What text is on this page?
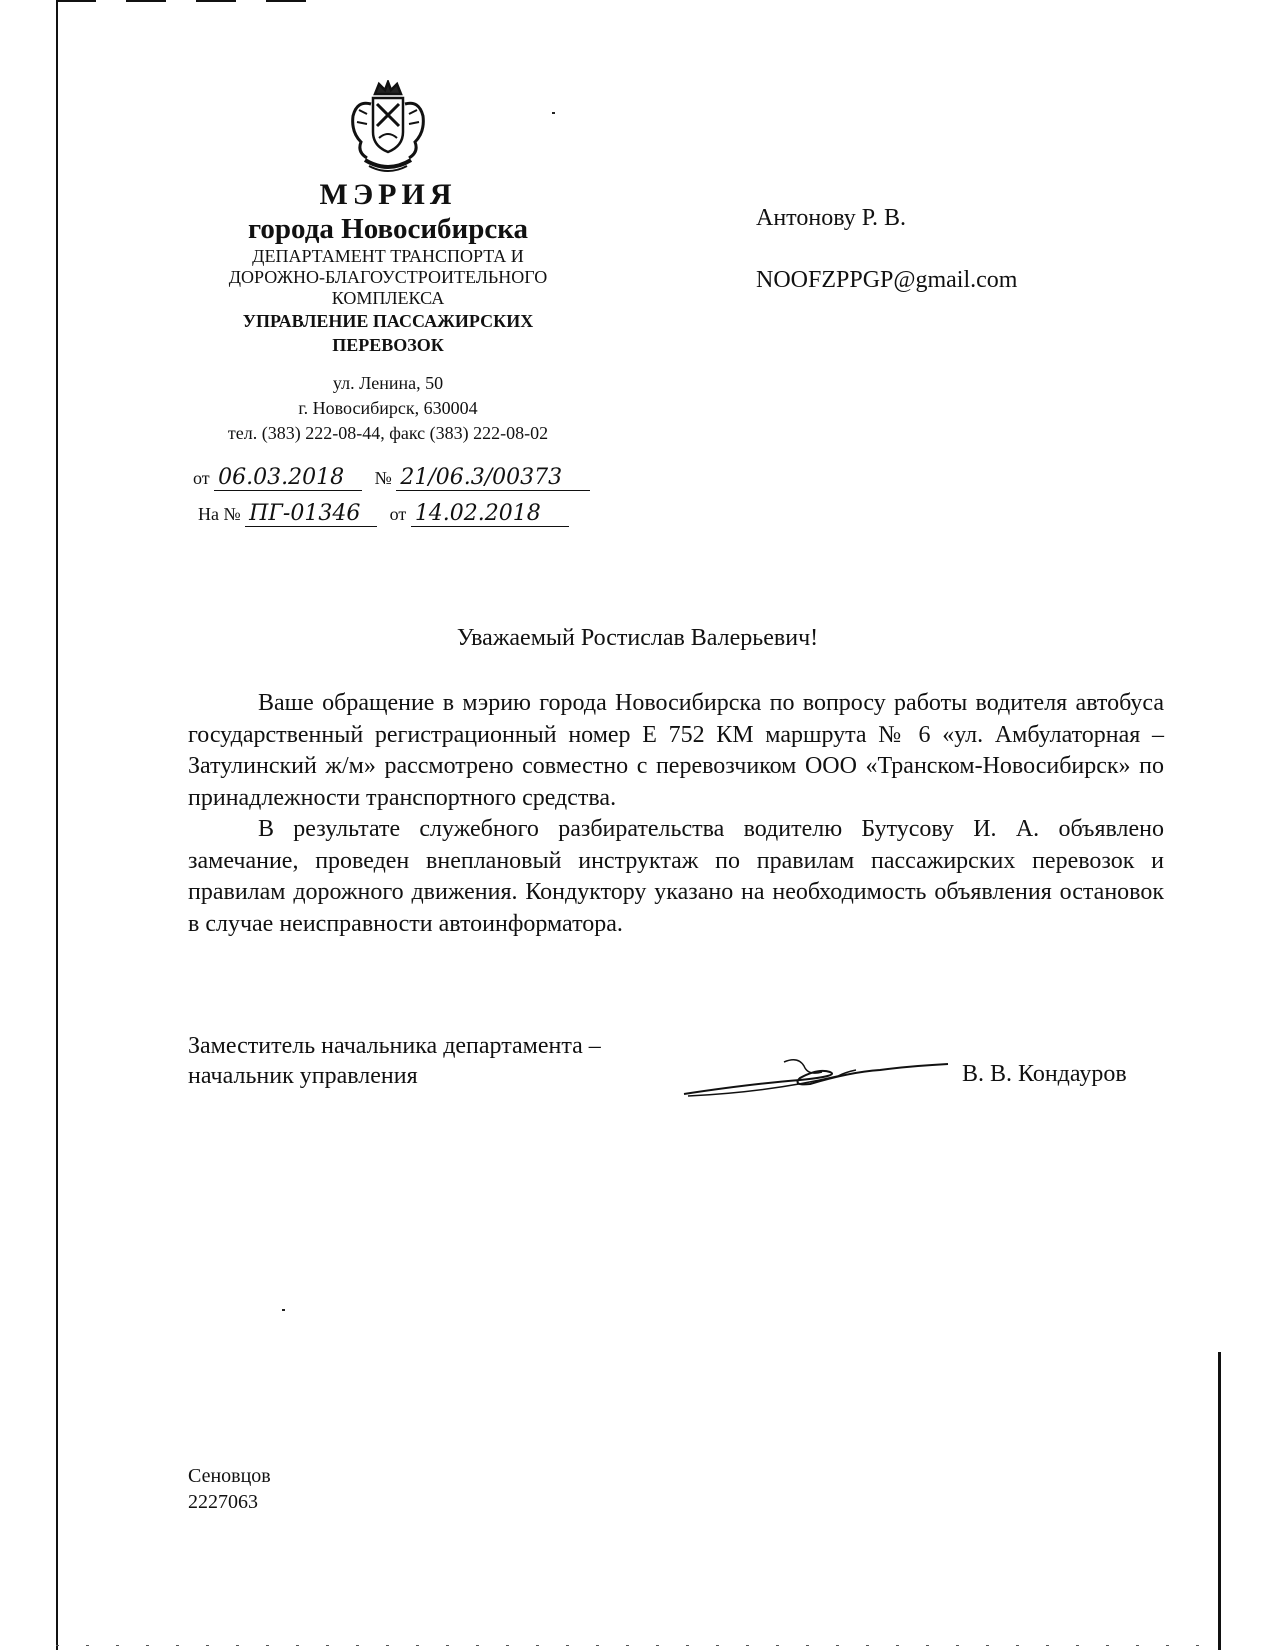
МЭРИЯ
города Новосибирска
ДЕПАРТАМЕНТ ТРАНСПОРТА И
ДОРОЖНО-БЛАГОУСТРОИТЕЛЬНОГО
КОМПЛЕКСА
УПРАВЛЕНИЕ ПАССАЖИРСКИХ
ПЕРЕВОЗОК
ул. Ленина, 50
г. Новосибирск, 630004
тел. (383) 222-08-44, факс (383) 222-08-02
от 06.03.2018 № 21/06.3/00373
На № ПГ-01346 от 14.02.2018
Антонову Р. В.
NOOFZPPGP@gmail.com
Уважаемый Ростислав Валерьевич!

Ваше обращение в мэрию города Новосибирска по вопросу работы водителя автобуса государственный регистрационный номер Е 752 КМ маршрута № 6 «ул. Амбулаторная – Затулинский ж/м» рассмотрено совместно с перевозчиком ООО «Транском-Новосибирск» по принадлежности транспортного средства.

В результате служебного разбирательства водителю Бутусову И. А. объявлено замечание, проведен внеплановый инструктаж по правилам пассажирских перевозок и правилам дорожного движения. Кондуктору указано на необходимость объявления остановок в случае неисправности автоинформатора.

Заместитель начальника департамента –
начальник управления	В. В. Кондауров
Сеновцов
2227063
